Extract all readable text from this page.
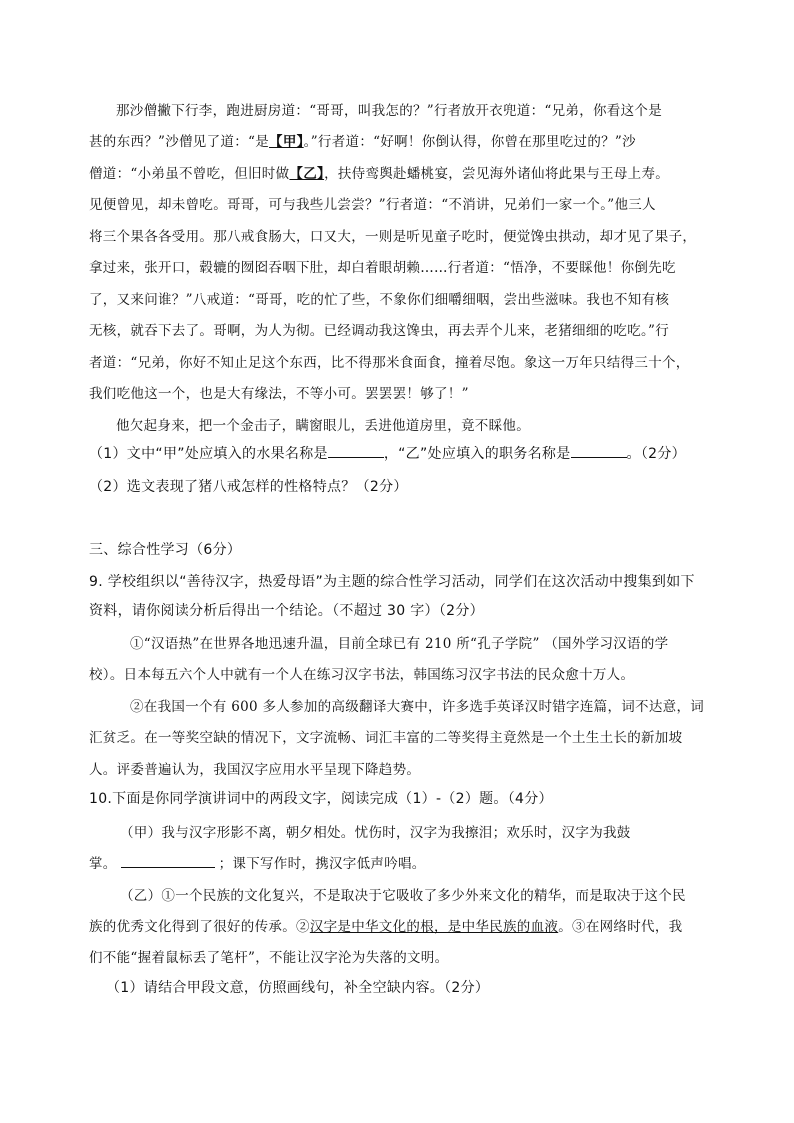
那沙僧撇下行李，跑进厨房道：“哥哥，叫我怎的？”行者放开衣兜道：“兄弟，你看这个是
甚的东西？”沙僧见了道：“是【甲】。”行者道：“好啊！你倒认得，你曾在那里吃过的？”沙
僧道：“小弟虽不曾吃，但旧时做【乙】，扶侍鸾舆赴蟠桃宴，尝见海外诸仙将此果与王母上寿。
见便曾见，却未曾吃。哥哥，可与我些儿尝尝？”行者道：“不消讲，兄弟们一家一个。”他三人
将三个果各各受用。那八戒食肠大，口又大，一则是听见童子吃时，便觉馋虫拱动，却才见了果子，
拿过来，张开口，毂辘的囫囵吞咽下肚，却白着眼胡赖……行者道：“悟净，不要睬他！你倒先吃
了，又来问谁？”八戒道：“哥哥，吃的忙了些，不象你们细嚼细咽，尝出些滋味。我也不知有核
无核，就吞下去了。哥啊，为人为彻。已经调动我这馋虫，再去弄个儿来，老猪细细的吃吃。”行
者道：“兄弟，你好不知止足这个东西，比不得那米食面食，撞着尽饱。象这一万年只结得三十个，
我们吃他这一个，也是大有缘法，不等小可。罢罢罢！够了！”
他欠起身来，把一个金击子，瞒窗眼儿，丢进他道房里，竟不睬他。
（1）文中“甲”处应填入的水果名称是	，“乙”处应填入的职务名称是	。（2分）
（2）选文表现了猪八戒怎样的性格特点？（2分）
三、综合性学习（6分）
9. 学校组织以“善待汉字，热爱母语”为主题的综合性学习活动，同学们在这次活动中搜集到如下
资料，请你阅读分析后得出一个结论。（不超过 30 字）（2分）
①“汉语热”在世界各地迅速升温，目前全球已有 210 所“孔子学院” （国外学习汉语的学
校）。日本每五六个人中就有一个人在练习汉字书法，韩国练习汉字书法的民众愈十万人。
②在我国一个有 600 多人参加的高级翻译大赛中，许多选手英译汉时错字连篇，词不达意，词
汇贫乏。在一等奖空缺的情况下，文字流畅、词汇丰富的二等奖得主竟然是一个土生土长的新加坡
人。评委普遍认为，我国汉字应用水平呈现下降趋势。
10.下面是你同学演讲词中的两段文字，阅读完成（1）-（2）题。（4分）
（甲）我与汉字形影不离，朝夕相处。忧伤时，汉字为我擦泪；欢乐时，汉字为我鼓
掌。	；课下写作时，携汉字低声吟唱。
（乙）①一个民族的文化复兴，不是取决于它吸收了多少外来文化的精华，而是取决于这个民
族的优秀文化得到了很好的传承。②汉字是中华文化的根，是中华民族的血液。③在网络时代，我
们不能“握着鼠标丢了笔杆”，不能让汉字沦为失落的文明。
（1）请结合甲段文意，仿照画线句，补全空缺内容。（2分）
